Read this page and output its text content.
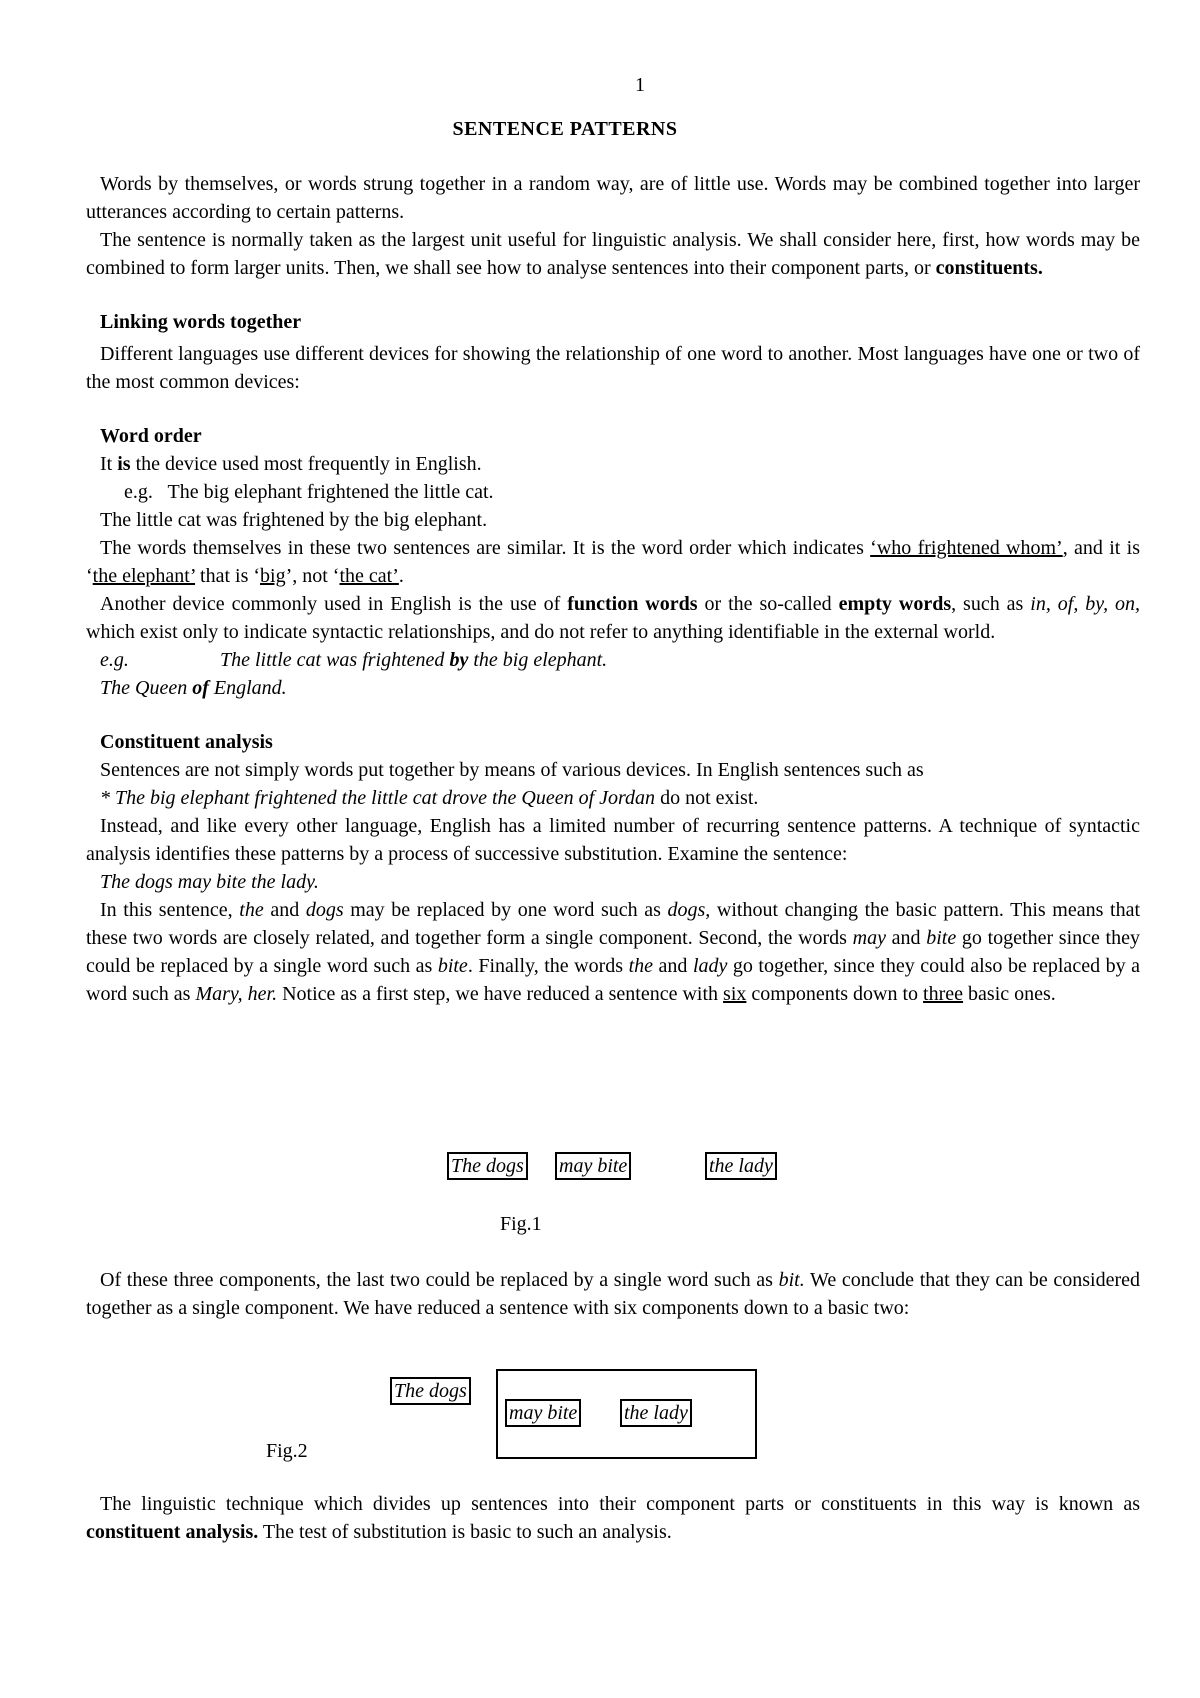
1
SENTENCE PATTERNS

Words by themselves, or words strung together in a random way, are of little use. Words may be combined together into larger utterances according to certain patterns.

The sentence is normally taken as the largest unit useful for linguistic analysis. We shall consider here, first, how words may be combined to form larger units. Then, we shall see how to analyse sentences into their component parts, or constituents.

Linking words together

Different languages use different devices for showing the relationship of one word to another. Most languages have one or two of the most common devices:

Word order

It is the device used most frequently in English.

e.g.   The big elephant frightened the little cat.

The little cat was frightened by the big elephant.

The words themselves in these two sentences are similar. It is the word order which indicates ‘who frightened whom’, and it is ‘the elephant’ that is ‘big’, not ‘the cat’.

Another device commonly used in English is the use of function words or the so-called empty words, such as in, of, by, on, which exist only to indicate syntactic relationships, and do not refer to anything identifiable in the external world.

e.g.	The little cat was frightened by the big elephant.

The Queen of England.

Constituent analysis

Sentences are not simply words put together by means of various devices. In English sentences such as

* The big elephant frightened the little cat drove the Queen of Jordan do not exist.

Instead, and like every other language, English has a limited number of recurring sentence patterns. A technique of syntactic analysis identifies these patterns by a process of successive substitution. Examine the sentence:

The dogs may bite the lady.

In this sentence, the and dogs may be replaced by one word such as dogs, without changing the basic pattern. This means that these two words are closely related, and together form a single component. Second, the words may and bite go together since they could be replaced by a single word such as bite. Finally, the words the and lady go together, since they could also be replaced by a word such as Mary, her. Notice as a first step, we have reduced a sentence with six components down to three basic ones.

The dogs may bite	the lady
Fig.1

Of these three components, the last two could be replaced by a single word such as bit. We conclude that they can be considered together as a single component. We have reduced a sentence with six components down to a basic two:

The dogs
may bite the lady
Fig.2

The linguistic technique which divides up sentences into their component parts or constituents in this way is known as constituent analysis. The test of substitution is basic to such an analysis.
